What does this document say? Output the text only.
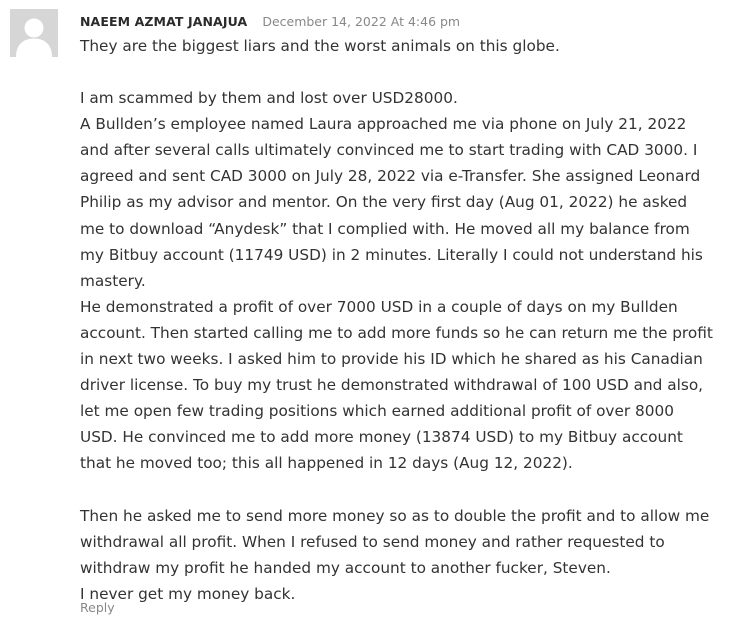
NAEEM AZMAT JANAJUA December 14, 2022 At 4:46 pm

They are the biggest liars and the worst animals on this globe.

I am scammed by them and lost over USD28000.
A Bullden’s employee named Laura approached me via phone on July 21, 2022
and after several calls ultimately convinced me to start trading with CAD 3000. I
agreed and sent CAD 3000 on July 28, 2022 via e-Transfer. She assigned Leonard
Philip as my advisor and mentor. On the very first day (Aug 01, 2022) he asked
me to download “Anydesk” that I complied with. He moved all my balance from
my Bitbuy account (11749 USD) in 2 minutes. Literally I could not understand his
mastery.
He demonstrated a profit of over 7000 USD in a couple of days on my Bullden
account. Then started calling me to add more funds so he can return me the profit
in next two weeks. I asked him to provide his ID which he shared as his Canadian
driver license. To buy my trust he demonstrated withdrawal of 100 USD and also,
let me open few trading positions which earned additional profit of over 8000
USD. He convinced me to add more money (13874 USD) to my Bitbuy account
that he moved too; this all happened in 12 days (Aug 12, 2022).

Then he asked me to send more money so as to double the profit and to allow me
withdrawal all profit. When I refused to send money and rather requested to
withdraw my profit he handed my account to another fucker, Steven.
I never get my money back.

Reply
